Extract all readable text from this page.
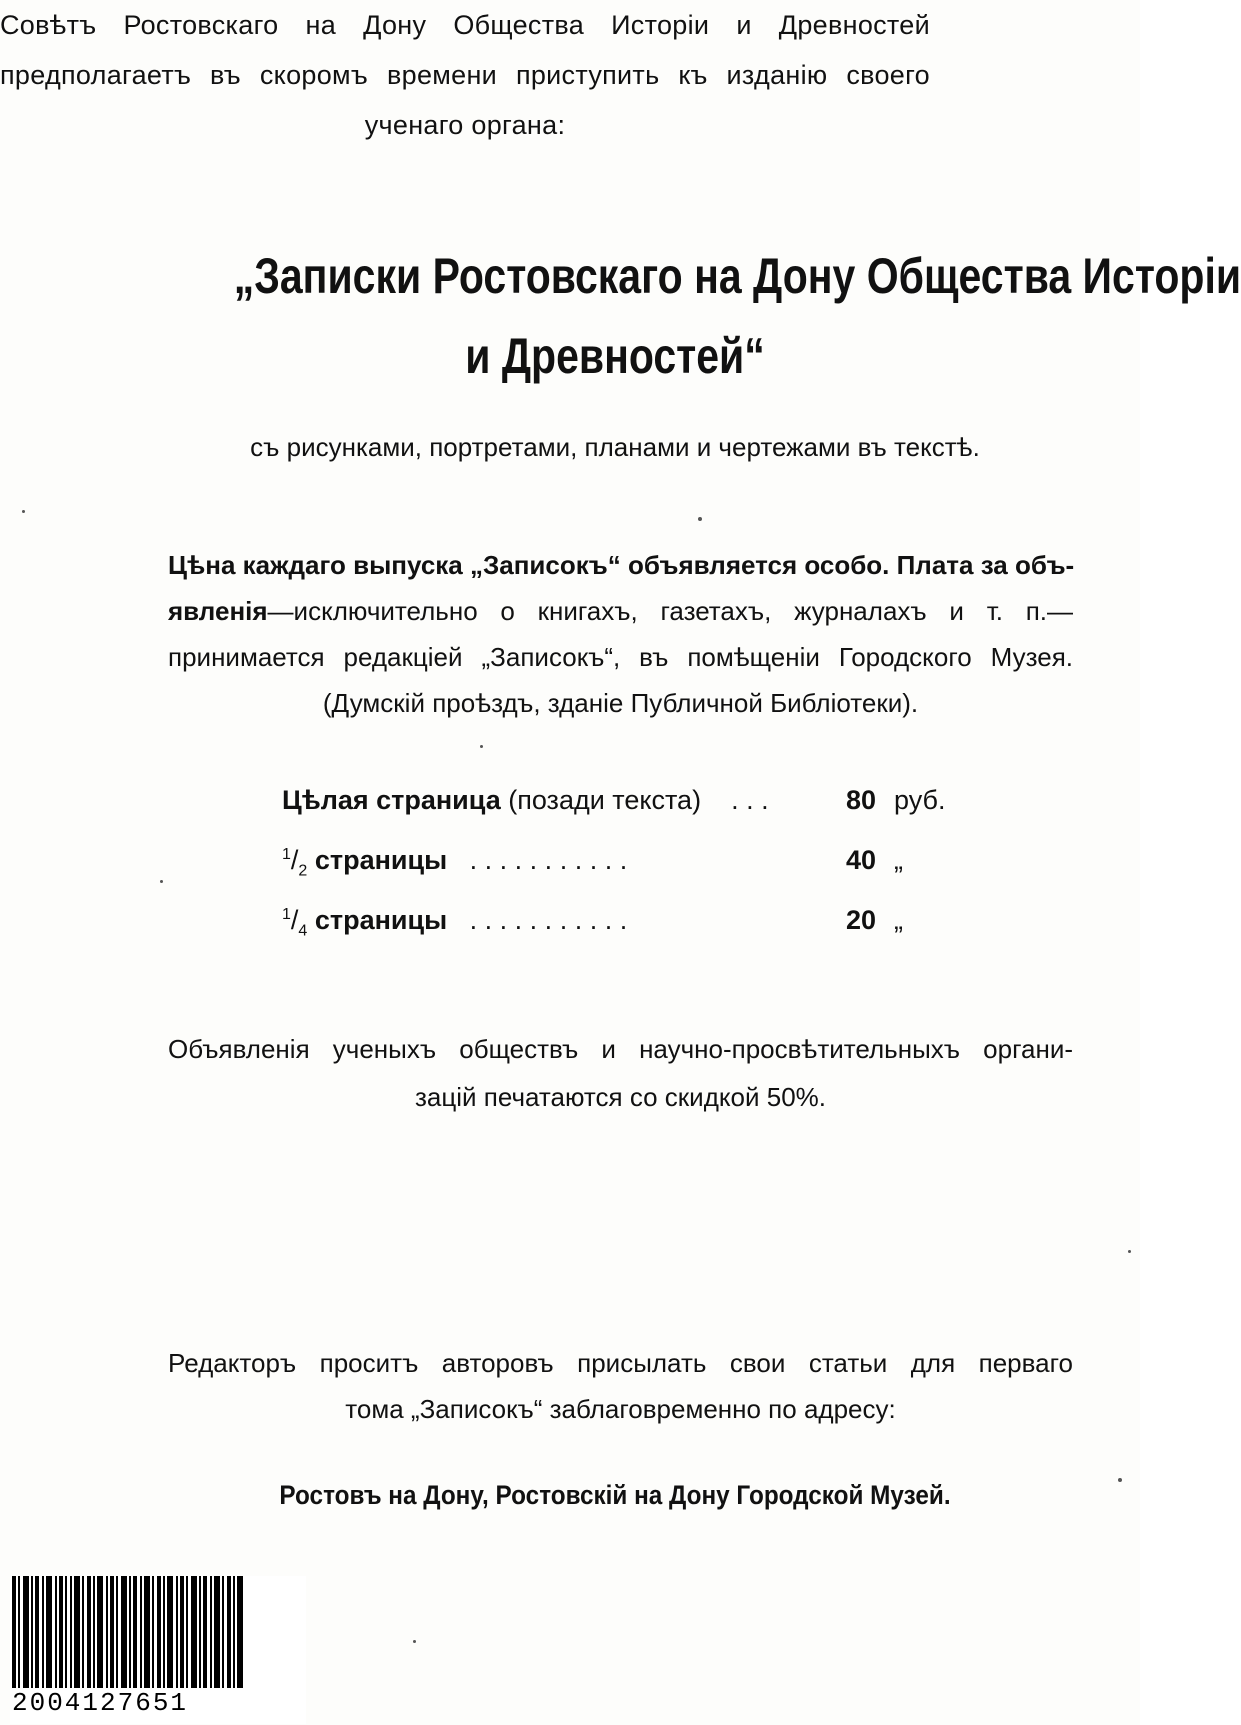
Совѣтъ Ростовскаго на Дону Общества Исторіи и Древностей
предполагаетъ въ скоромъ времени приступить къ изданію своего
ученаго органа:
„Записки Ростовскаго на Дону Общества Исторіи
и Древностей“
съ рисунками, портретами, планами и чертежами въ текстѣ.
Цѣна каждаго выпуска „Записокъ“ объявляется особо. Плата за объ-
явленія—исключительно о книгахъ, газетахъ, журналахъ и т. п.—
принимается редакціей „Записокъ“, въ помѣщеніи Городского Музея.
(Думскій проѣздъ, зданіе Публичной Библіотеки).
Цѣлая страница (позади текста) . . .	80 руб.
$^1/_2$ страницы . . . . . . . . . . .	40 „
$^1/_4$ страницы . . . . . . . . . . .	20 „
Объявленія ученыхъ обществъ и научно-просвѣтительныхъ органи-
зацій печатаются со скидкой 50%.
Редакторъ проситъ авторовъ присылать свои статьи для перваго
тома „Записокъ“ заблаговременно по адресу:
Ростовъ на Дону, Ростовскій на Дону Городской Музей.
2004127651
